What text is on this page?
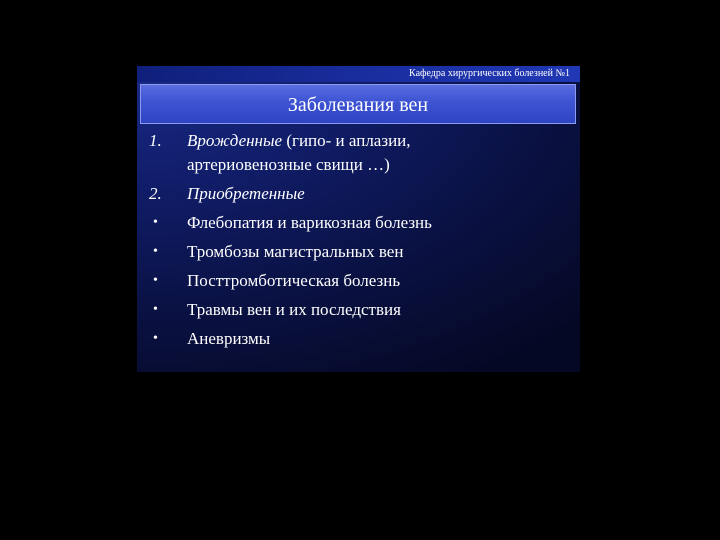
Кафедра хирургических болезней №1
Заболевания вен
1.	Врожденные (гипо- и аплазии,
артериовенозные свищи …)
2.	Приобретенные
•	Флебопатия и варикозная болезнь
•	Тромбозы магистральных вен
•	Посттромботическая болезнь
•	Травмы вен и их последствия
•	Аневризмы
